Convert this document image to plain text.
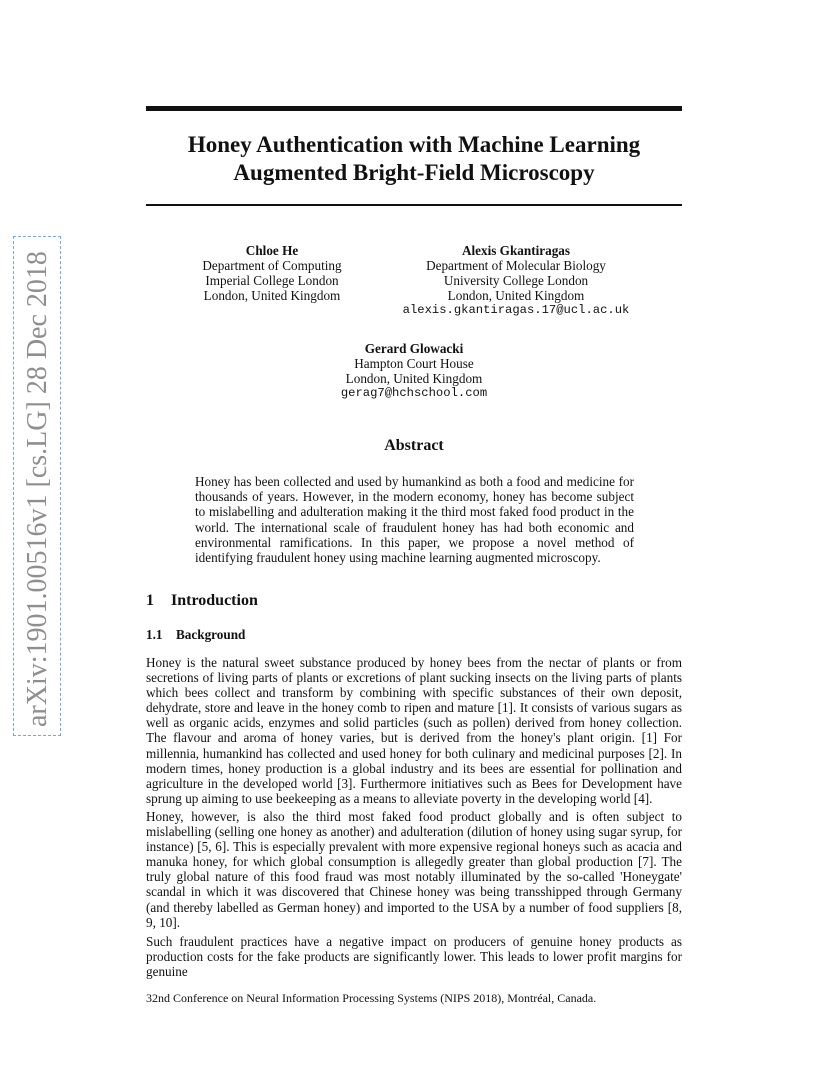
arXiv:1901.00516v1 [cs.LG] 28 Dec 2018
Honey Authentication with Machine Learning
Augmented Bright-Field Microscopy
Chloe He
Department of Computing
Imperial College London
London, United Kingdom
Alexis Gkantiragas
Department of Molecular Biology
University College London
London, United Kingdom
alexis.gkantiragas.17@ucl.ac.uk
Gerard Glowacki
Hampton Court House
London, United Kingdom
gerag7@hchschool.com
Abstract

Honey has been collected and used by humankind as both a food and medicine for thousands of years. However, in the modern economy, honey has become subject to mislabelling and adulteration making it the third most faked food product in the world. The international scale of fraudulent honey has had both economic and environmental ramifications. In this paper, we propose a novel method of identifying fraudulent honey using machine learning augmented microscopy.

1 Introduction
1.1 Background

Honey is the natural sweet substance produced by honey bees from the nectar of plants or from secretions of living parts of plants or excretions of plant sucking insects on the living parts of plants which bees collect and transform by combining with specific substances of their own deposit, dehydrate, store and leave in the honey comb to ripen and mature [1]. It consists of various sugars as well as organic acids, enzymes and solid particles (such as pollen) derived from honey collection. The flavour and aroma of honey varies, but is derived from the honey's plant origin. [1] For millennia, humankind has collected and used honey for both culinary and medicinal purposes [2]. In modern times, honey production is a global industry and its bees are essential for pollination and agriculture in the developed world [3]. Furthermore initiatives such as Bees for Development have sprung up aiming to use beekeeping as a means to alleviate poverty in the developing world [4].

Honey, however, is also the third most faked food product globally and is often subject to mislabelling (selling one honey as another) and adulteration (dilution of honey using sugar syrup, for instance) [5, 6]. This is especially prevalent with more expensive regional honeys such as acacia and manuka honey, for which global consumption is allegedly greater than global production [7]. The truly global nature of this food fraud was most notably illuminated by the so-called 'Honeygate' scandal in which it was discovered that Chinese honey was being transshipped through Germany (and thereby labelled as German honey) and imported to the USA by a number of food suppliers [8, 9, 10].

Such fraudulent practices have a negative impact on producers of genuine honey products as production costs for the fake products are significantly lower. This leads to lower profit margins for genuine

32nd Conference on Neural Information Processing Systems (NIPS 2018), Montréal, Canada.
